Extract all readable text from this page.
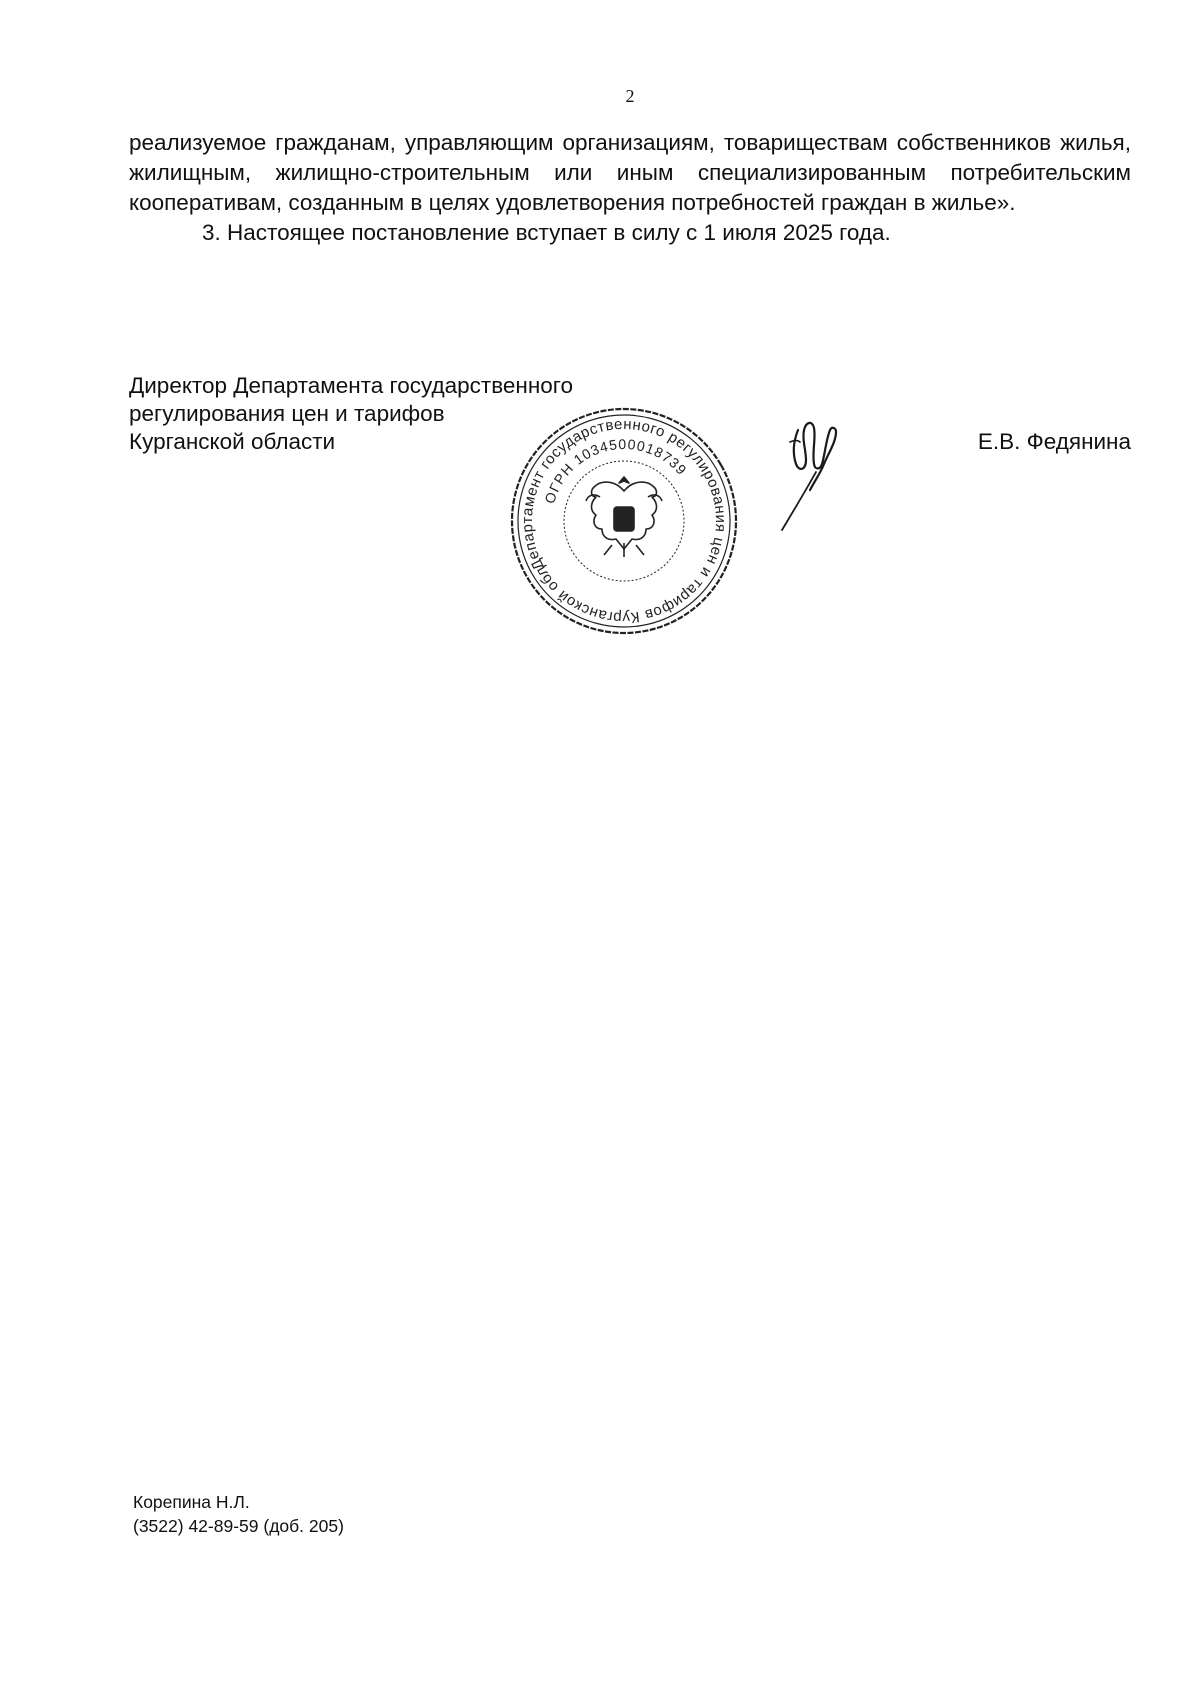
2

реализуемое гражданам, управляющим организациям, товариществам собственников жилья, жилищным, жилищно-строительным или иным специализированным потребительским кооперативам, созданным в целях удовлетворения потребностей граждан в жилье».

3. Настоящее постановление вступает в силу с 1 июля 2025 года.

Директор Департамента государственного
регулирования цен и тарифов
Курганской области	Е.В. Федянина
Департамент государственного регулирования цен и тарифов Курганской области
ОГРН 1034500018739
Корепина Н.Л.
(3522) 42-89-59 (доб. 205)
